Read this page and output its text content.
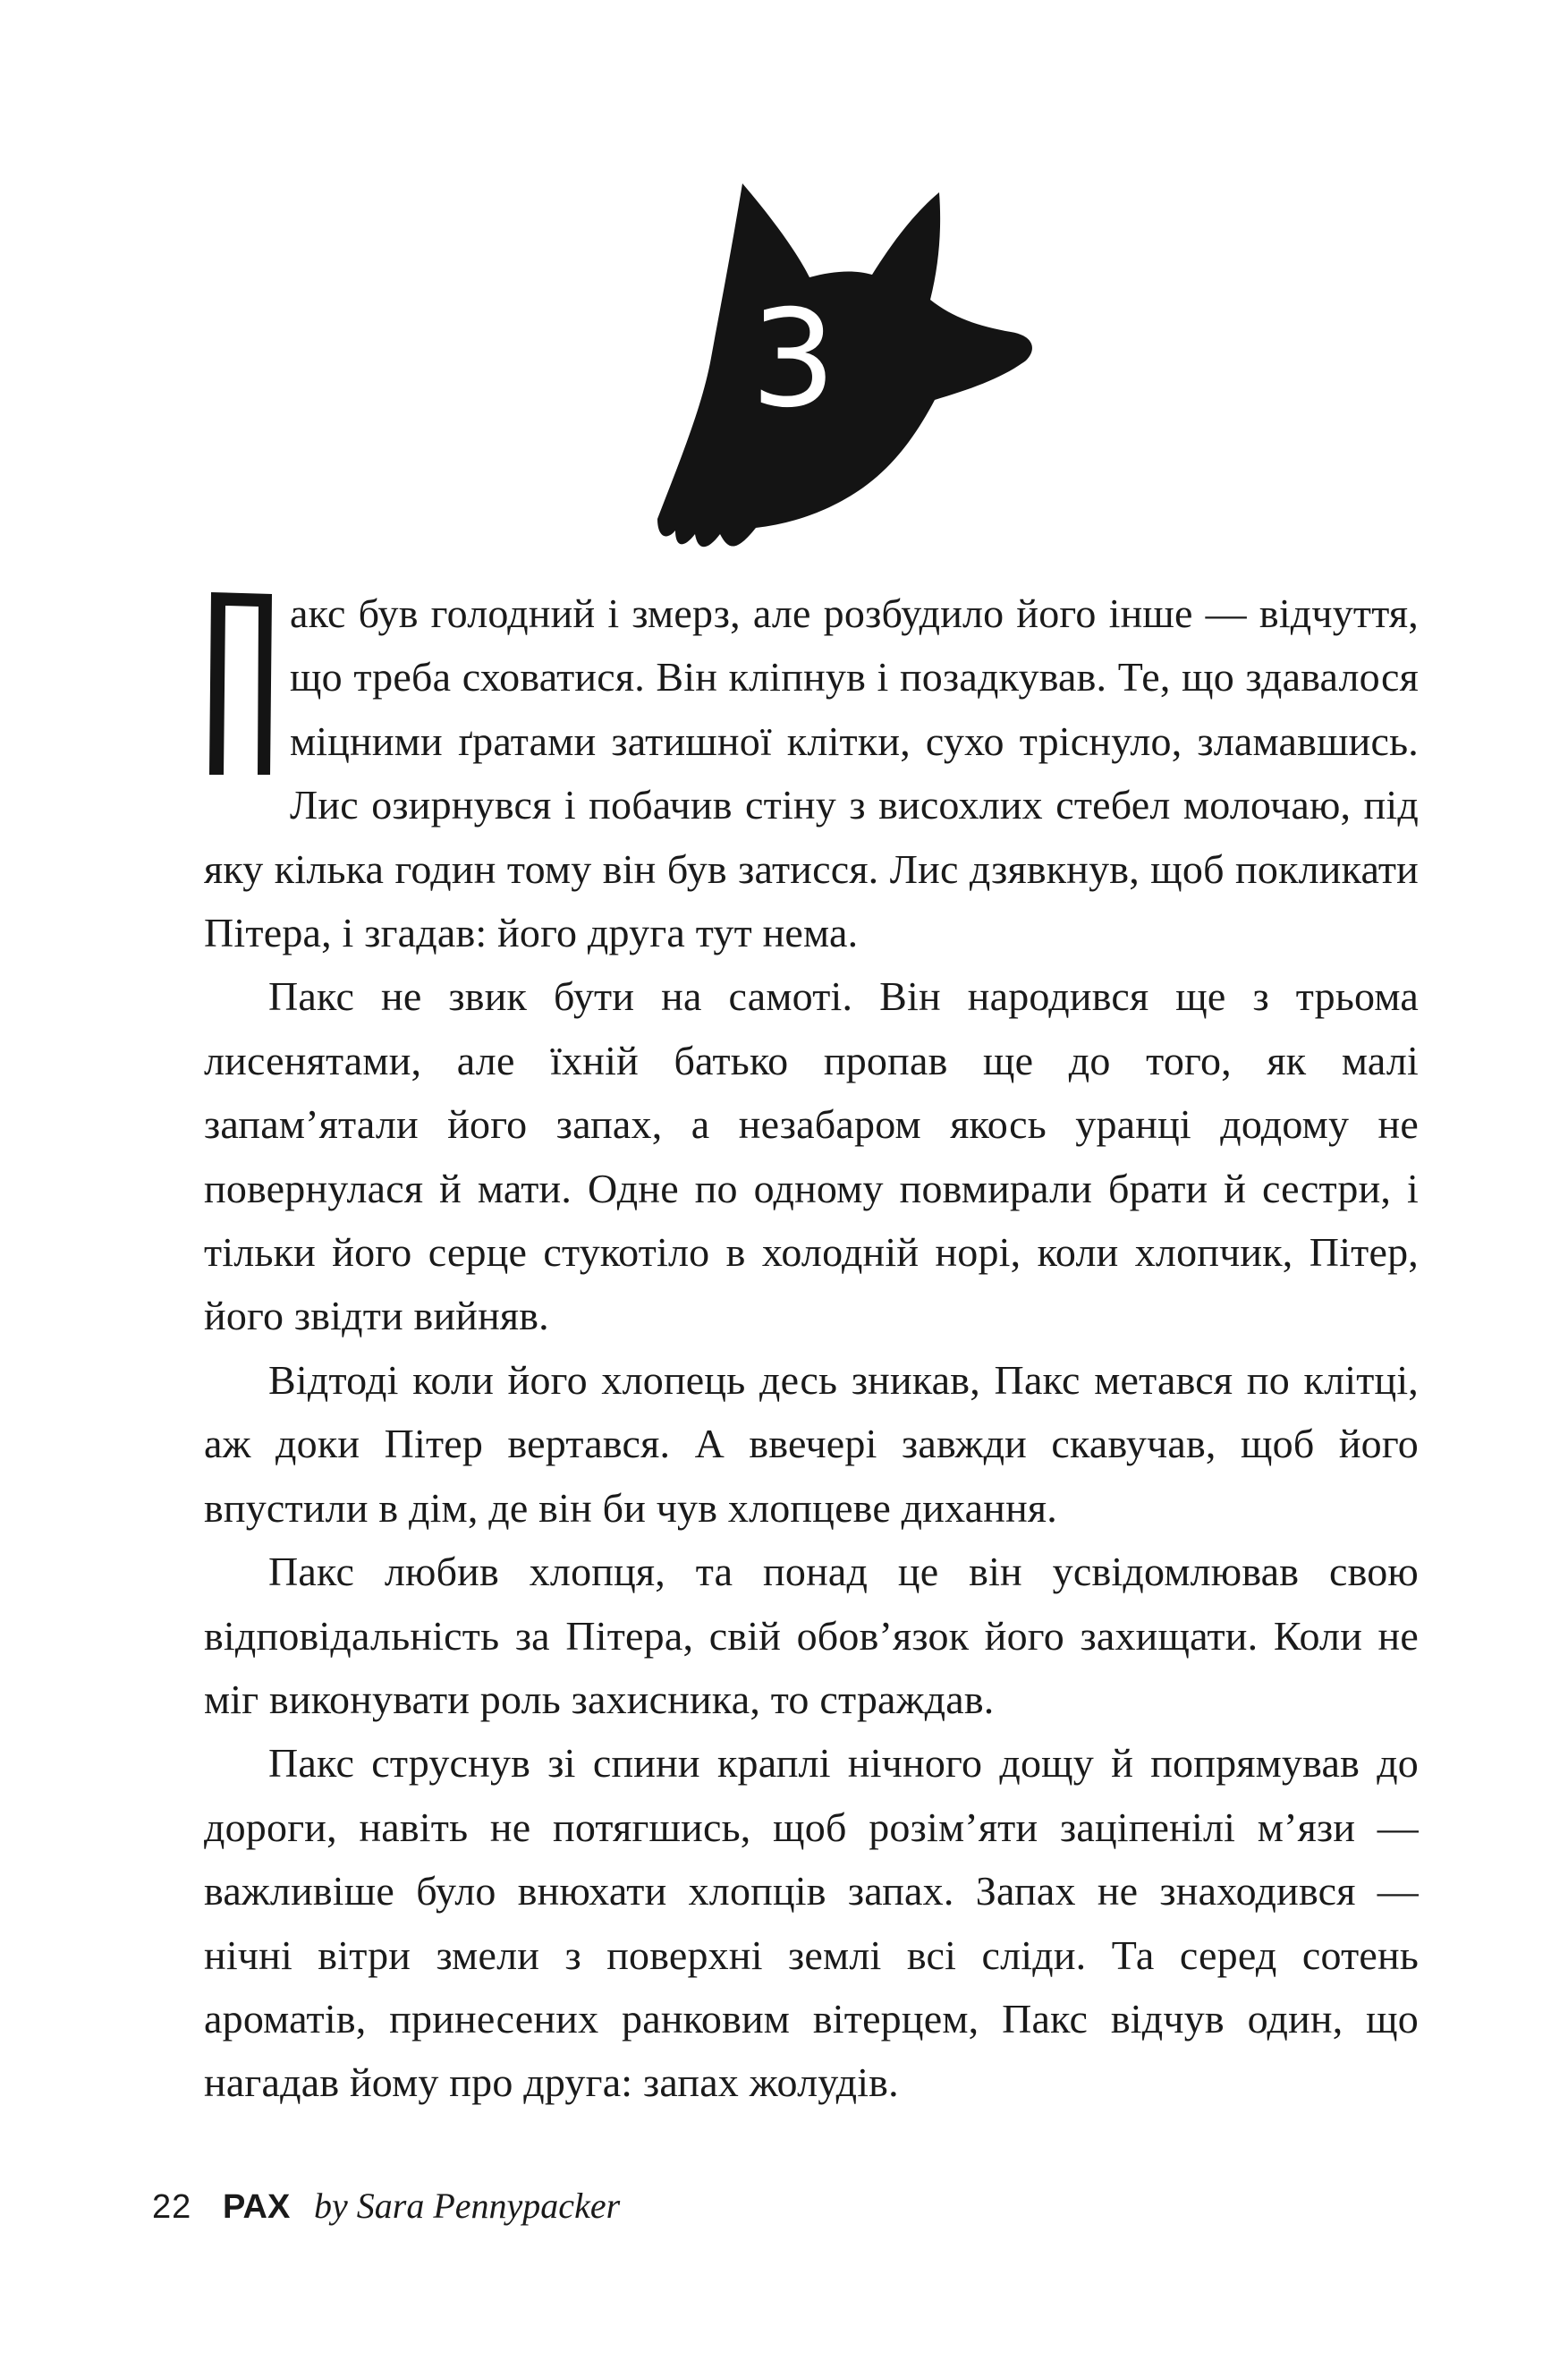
3

П
акс був голодний і змерз, але розбудило його інше — відчуття, що треба сховатися. Він кліпнув і позадкував. Те, що здавалося міцними ґратами затишної клітки, сухо тріснуло, зламавшись. Лис озирнувся і побачив стіну з висохлих стебел молочаю, під яку кілька годин тому він був затисся. Лис дзявкнув, щоб покликати Пітера, і згадав: його друга тут нема.

Пакс не звик бути на самоті. Він народився ще з трьома лисенятами, але їхній батько пропав ще до того, як малі запам’ятали його запах, а незабаром якось уранці додому не повернулася й мати. Одне по одному повмирали брати й сестри, і тільки його серце стукотіло в холодній норі, коли хлопчик, Пітер, його звідти вийняв.

Відтоді коли його хлопець десь зникав, Пакс метався по клітці, аж доки Пітер вертався. А ввечері завжди скавучав, щоб його впустили в дім, де він би чув хлопцеве дихання.

Пакс любив хлопця, та понад це він усвідомлював свою відповідальність за Пітера, свій обов’язок його захищати. Коли не міг виконувати роль захисника, то страждав.

Пакс струснув зі спини краплі нічного дощу й попрямував до дороги, навіть не потягшись, щоб розім’яти заціпенілі м’язи — важливіше було внюхати хлопців запах. Запах не знаходився — нічні вітри змели з поверхні землі всі сліди. Та серед сотень ароматів, принесених ранковим вітерцем, Пакс відчув один, що нагадав йому про друга: запах жолудів.

22 PAX by Sara Pennypacker
